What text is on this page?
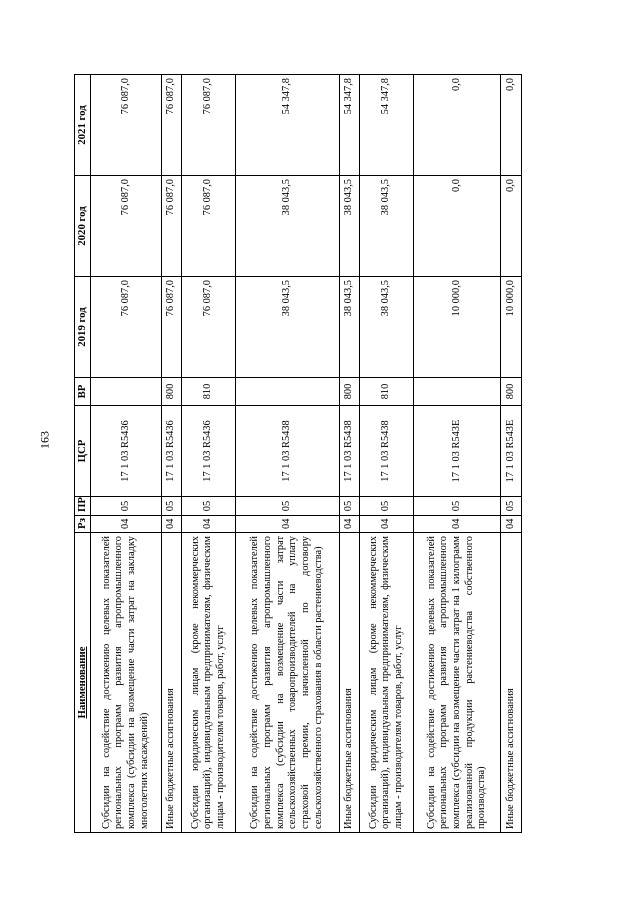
163
Наименование	Рз	ПР	ЦСР	ВР	2019 год	2020 год	2021 год
Субсидии на содействие достижению целевых показателей региональных программ развития агропромышленного комплекса (субсидии на возмещение части затрат на закладку многолетних насаждений)	04	05	17 1 03 R5436		76 087,0	76 087,0	76 087,0
Иные бюджетные ассигнования	04	05	17 1 03 R5436	800	76 087,0	76 087,0	76 087,0
Субсидии юридическим лицам (кроме некоммерческих организаций), индивидуальным предпринимателям, физическим лицам - производителям товаров, работ, услуг	04	05	17 1 03 R5436	810	76 087,0	76 087,0	76 087,0
Субсидии на содействие достижению целевых показателей региональных программ развития агропромышленного комплекса (субсидии на возмещение части затрат сельскохозяйственных товаропроизводителей на уплату страховой премии, начисленной по договору сельскохозяйственного страхования в области растениеводства)	04	05	17 1 03 R5438		38 043,5	38 043,5	54 347,8
Иные бюджетные ассигнования	04	05	17 1 03 R5438	800	38 043,5	38 043,5	54 347,8
Субсидии юридическим лицам (кроме некоммерческих организаций), индивидуальным предпринимателям, физическим лицам - производителям товаров, работ, услуг	04	05	17 1 03 R5438	810	38 043,5	38 043,5	54 347,8
Субсидии на содействие достижению целевых показателей региональных программ развития агропромышленного комплекса (субсидии на возмещение части затрат на 1 килограмм реализованной продукции растениеводства собственного производства)	04	05	17 1 03 R543E		10 000,0	0,0	0,0
Иные бюджетные ассигнования	04	05	17 1 03 R543E	800	10 000,0	0,0	0,0
